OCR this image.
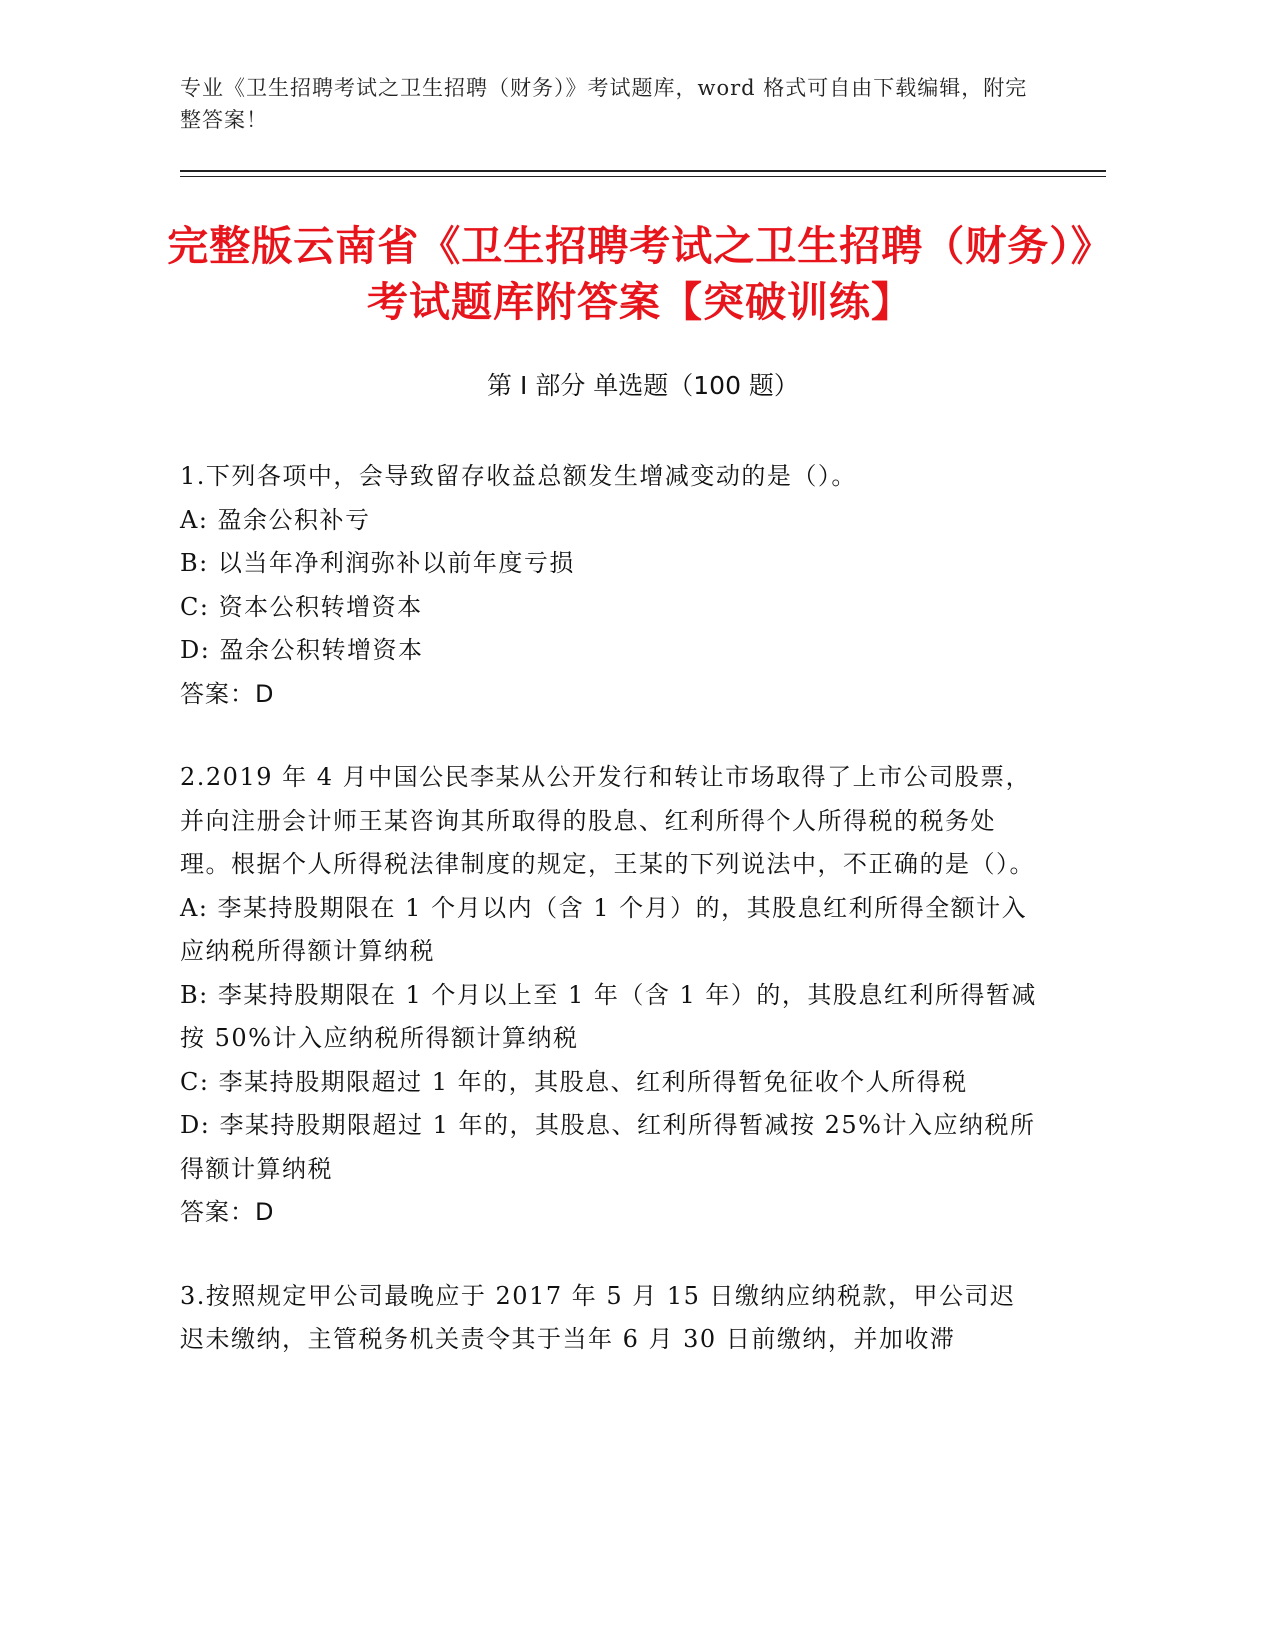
专业《卫生招聘考试之卫生招聘（财务）》考试题库，word 格式可自由下载编辑，附完整答案！
完整版云南省《卫生招聘考试之卫生招聘（财务）》考试题库附答案【突破训练】
第 I 部分 单选题（100 题）
1.下列各项中，会导致留存收益总额发生增减变动的是（）。
A: 盈余公积补亏
B: 以当年净利润弥补以前年度亏损
C: 资本公积转增资本
D: 盈余公积转增资本
答案：D
2.2019 年 4 月中国公民李某从公开发行和转让市场取得了上市公司股票，并向注册会计师王某咨询其所取得的股息、红利所得个人所得税的税务处理。根据个人所得税法律制度的规定，王某的下列说法中，不正确的是（）。
A: 李某持股期限在 1 个月以内（含 1 个月）的，其股息红利所得全额计入应纳税所得额计算纳税
B: 李某持股期限在 1 个月以上至 1 年（含 1 年）的，其股息红利所得暂减按 50%计入应纳税所得额计算纳税
C: 李某持股期限超过 1 年的，其股息、红利所得暂免征收个人所得税
D: 李某持股期限超过 1 年的，其股息、红利所得暂减按 25%计入应纳税所得额计算纳税
答案：D
3.按照规定甲公司最晚应于 2017 年 5 月 15 日缴纳应纳税款，甲公司迟迟未缴纳，主管税务机关责令其于当年 6 月 30 日前缴纳，并加收滞
